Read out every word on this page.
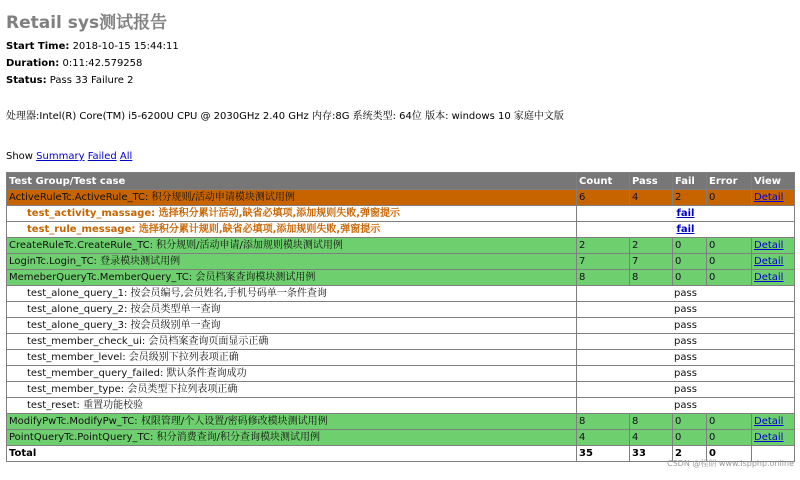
Retail sys测试报告
Start Time: 2018-10-15 15:44:11
Duration: 0:11:42.579258
Status: Pass 33 Failure 2
处理器:Intel(R) Core(TM) i5-6200U CPU @ 2030GHz 2.40 GHz 内存:8G 系统类型: 64位 版本: windows 10 家庭中文版
Show Summary Failed All
Test Group/Test case	Count	Pass	Fail	Error	View
ActiveRuleTc.ActiveRule_TC: 积分规则/活动申请模块测试用例	6	4	2	0	Detail
test_activity_massage: 选择积分累计活动,缺省必填项,添加规则失败,弹窗提示	fail				
test_rule_message: 选择积分累计规则,缺省必填项,添加规则失败,弹窗提示	fail				
CreateRuleTc.CreateRule_TC: 积分规则/活动申请/添加规则模块测试用例	2	2	0	0	Detail
LoginTc.Login_TC: 登录模块测试用例	7	7	0	0	Detail
MemeberQueryTc.MemberQuery_TC: 会员档案查询模块测试用例	8	8	0	0	Detail
test_alone_query_1: 按会员编号,会员姓名,手机号码单一条件查询	pass				
test_alone_query_2: 按会员类型单一查询	pass				
test_alone_query_3: 按会员级别单一查询	pass				
test_member_check_ui: 会员档案查询页面显示正确	pass				
test_member_level: 会员级别下拉列表项正确	pass				
test_member_query_failed: 默认条件查询成功	pass				
test_member_type: 会员类型下拉列表项正确	pass				
test_reset: 重置功能校验	pass				
ModifyPwTc.ModifyPw_TC: 权限管理/个人设置/密码修改模块测试用例	8	8	0	0	Detail
PointQueryTc.PointQuery_TC: 积分消费查询/积分查询模块测试用例	4	4	0	0	Detail
Total	35	33	2	0	
CSDN @程朗 www.ispphp.online
